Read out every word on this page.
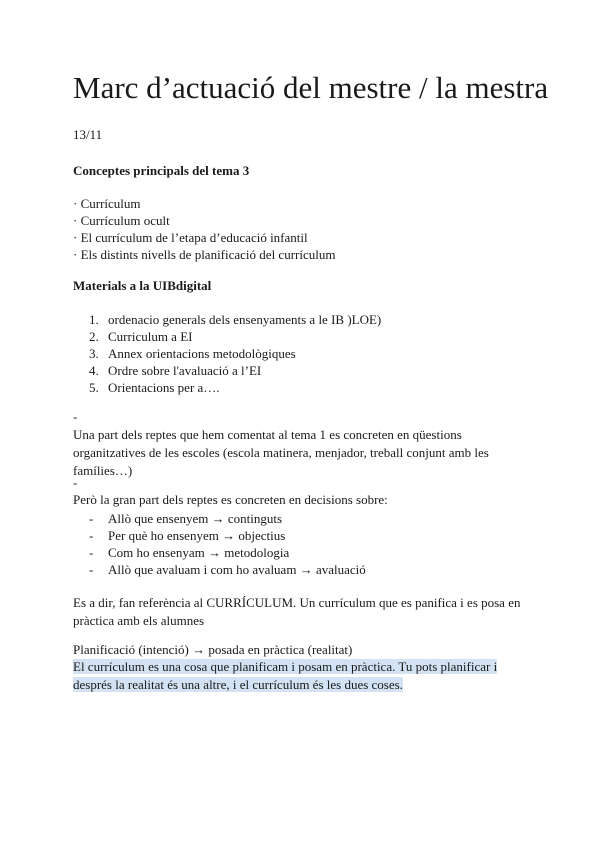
Marc d’actuació del mestre / la mestra
13/11
Conceptes principals del tema 3
· Currículum
· Currículum ocult
· El currículum de l’etapa d’educació infantil
· Els distints nivells de planificació del currículum
Materials a la UIBdigital
1. ordenacio generals dels ensenyaments a le IB )LOE)
2. Curriculum a EI
3. Annex orientacions metodològiques
4. Ordre sobre l'avaluació a l’EI
5. Orientacions per a….
-

Una part dels reptes que hem comentat al tema 1 es concreten en qüestions organitzatives de les escoles (escola matinera, menjador, treball conjunt amb les famílies…)

-

Però la gran part dels reptes es concreten en decisions sobre:

- Allò que ensenyem → continguts
- Per què ho ensenyem → objectius
- Com ho ensenyam → metodologia
- Allò que avaluam i com ho avaluam → avaluació

Es a dir, fan referència al CURRÍCULUM. Un currículum que es panifica i es posa en pràctica amb els alumnes

Planificació (intenció) → posada en pràctica (realitat)

El currículum es una cosa que planificam i posam en pràctica. Tu pots planificar i després la realitat és una altre, i el currículum és les dues coses.
